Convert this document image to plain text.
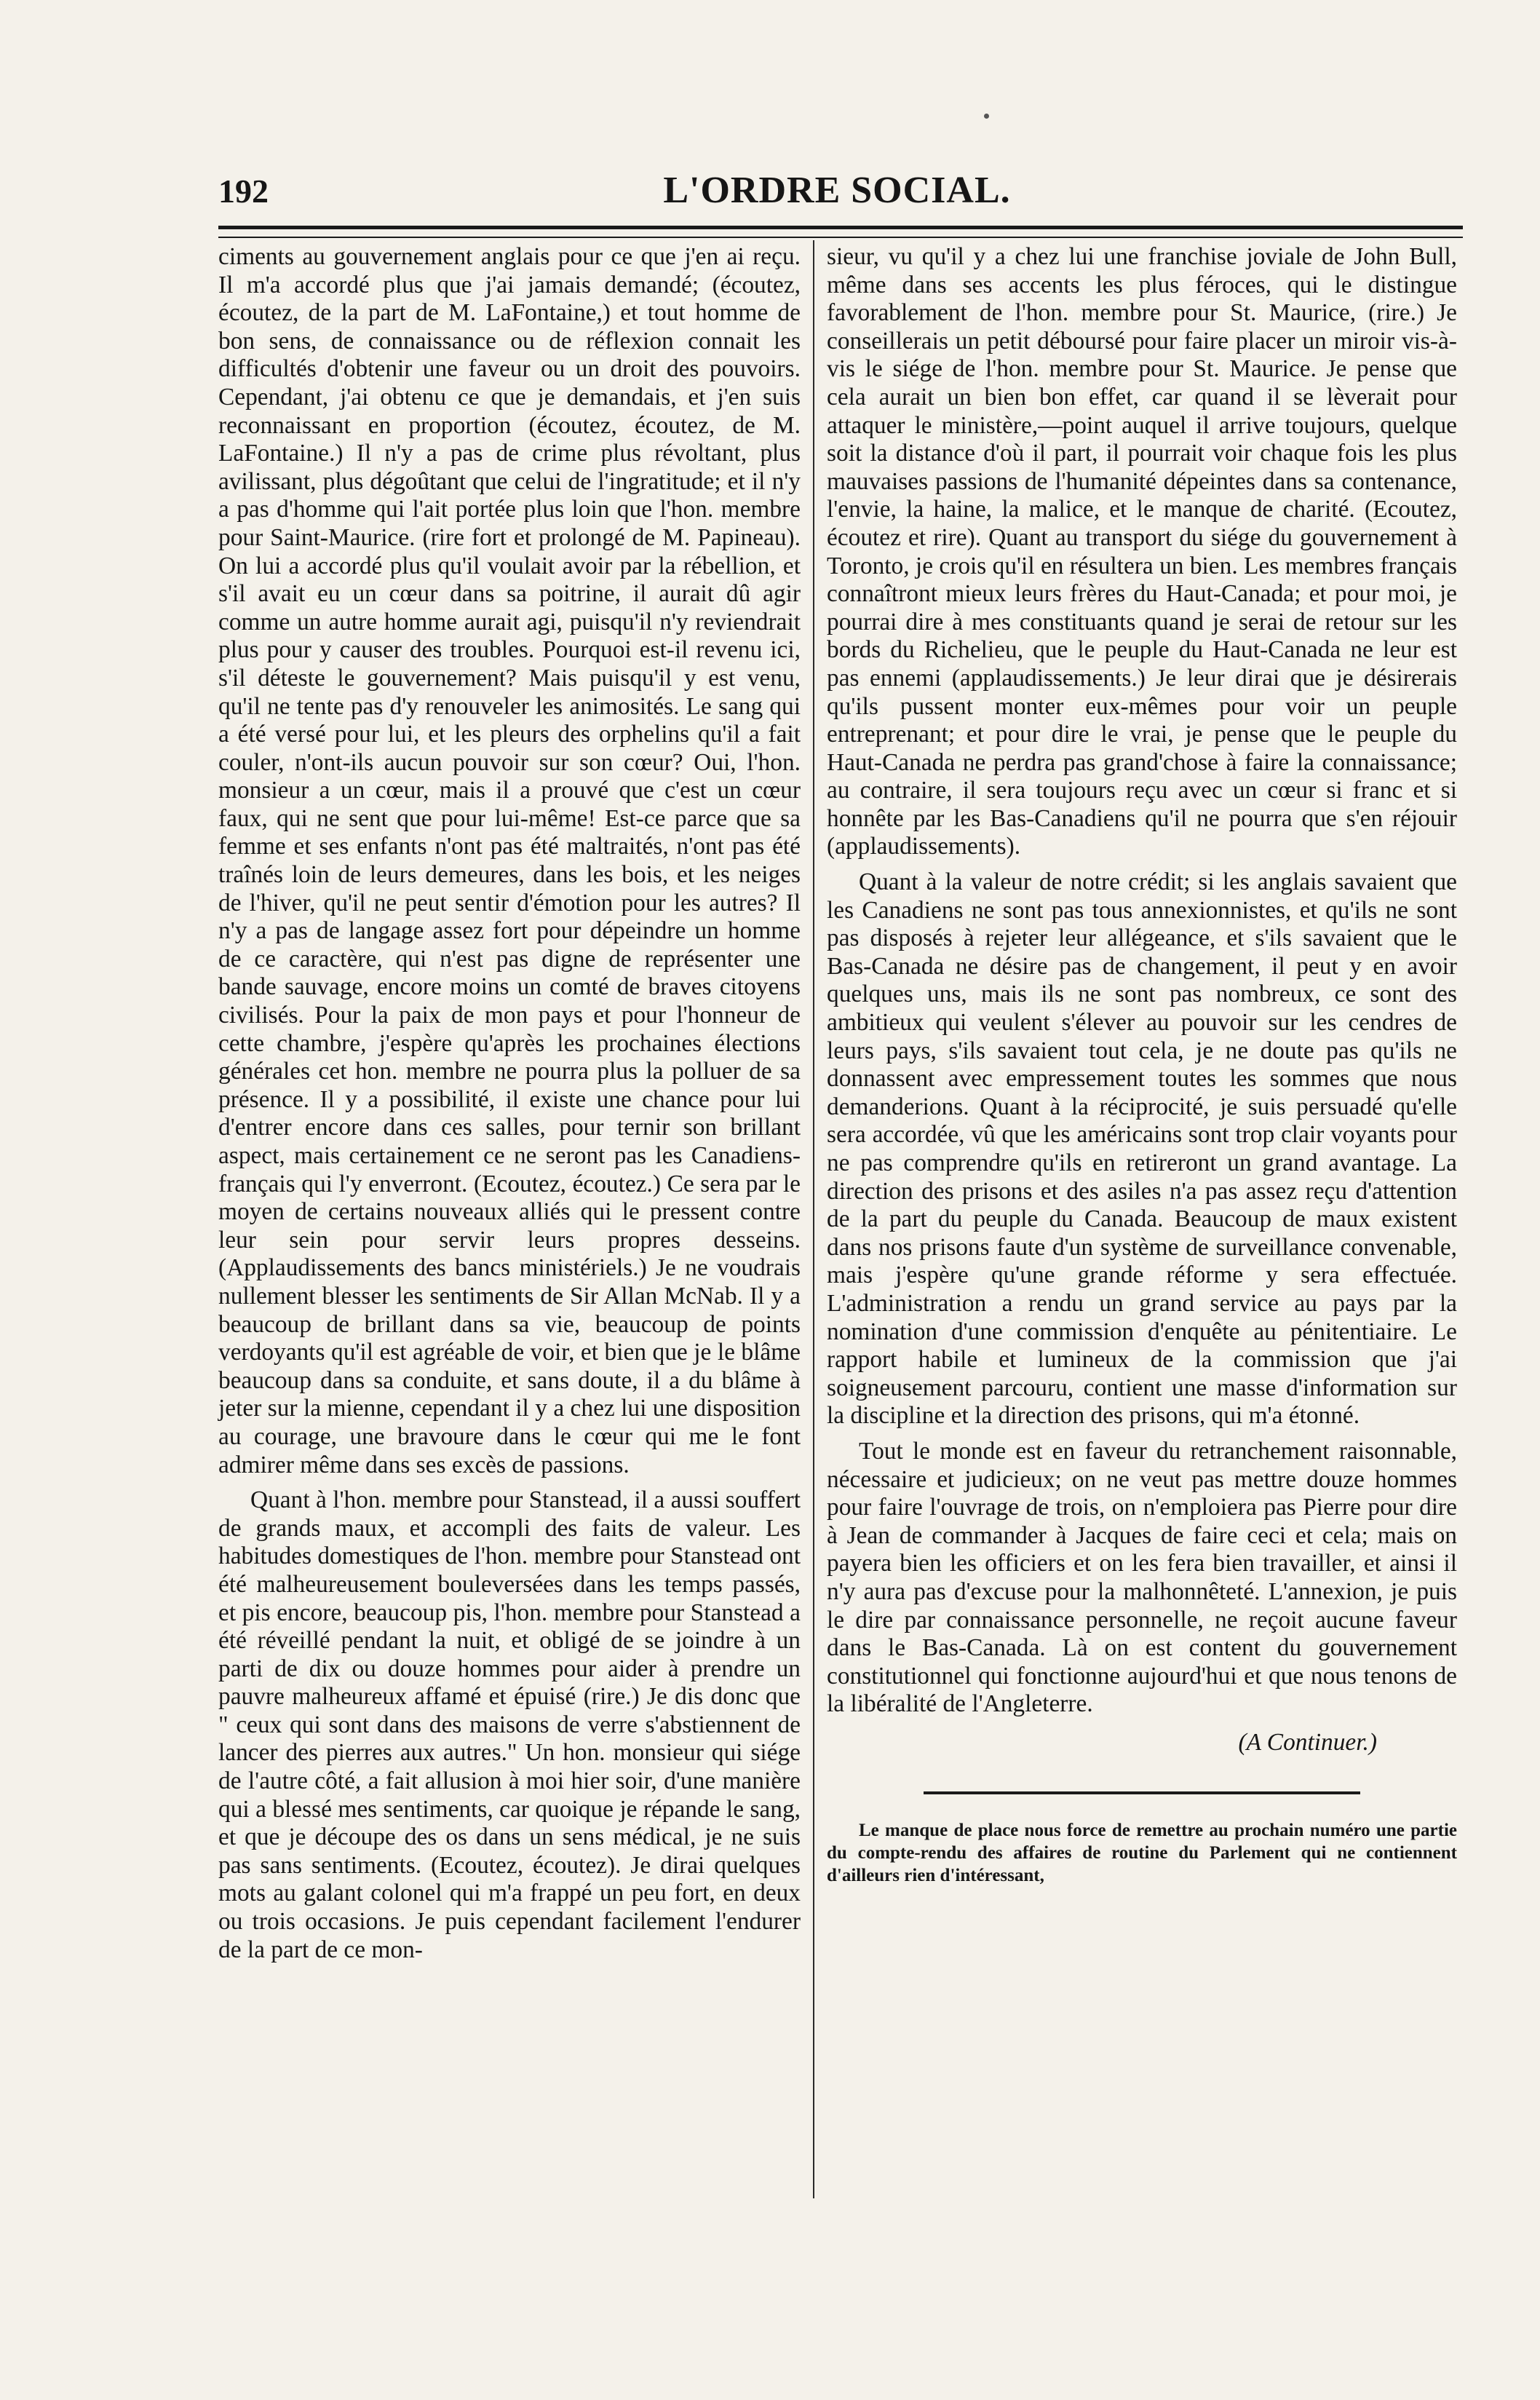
192	L'ORDRE SOCIAL.

ciments au gouvernement anglais pour ce que j'en ai reçu. Il m'a accordé plus que j'ai jamais demandé; (écoutez, écoutez, de la part de M. LaFontaine,) et tout homme de bon sens, de connaissance ou de réflexion connait les difficultés d'obtenir une faveur ou un droit des pouvoirs. Cependant, j'ai obtenu ce que je demandais, et j'en suis reconnaissant en proportion (écoutez, écoutez, de M. LaFontaine.) Il n'y a pas de crime plus révoltant, plus avilissant, plus dégoûtant que celui de l'ingratitude; et il n'y a pas d'homme qui l'ait portée plus loin que l'hon. membre pour Saint-Maurice. (rire fort et prolongé de M. Papineau). On lui a accordé plus qu'il voulait avoir par la rébellion, et s'il avait eu un cœur dans sa poitrine, il aurait dû agir comme un autre homme aurait agi, puisqu'il n'y reviendrait plus pour y causer des troubles. Pourquoi est-il revenu ici, s'il déteste le gouvernement? Mais puisqu'il y est venu, qu'il ne tente pas d'y renouveler les animosités. Le sang qui a été versé pour lui, et les pleurs des orphelins qu'il a fait couler, n'ont-ils aucun pouvoir sur son cœur? Oui, l'hon. monsieur a un cœur, mais il a prouvé que c'est un cœur faux, qui ne sent que pour lui-même! Est-ce parce que sa femme et ses enfants n'ont pas été maltraités, n'ont pas été traînés loin de leurs demeures, dans les bois, et les neiges de l'hiver, qu'il ne peut sentir d'émotion pour les autres? Il n'y a pas de langage assez fort pour dépeindre un homme de ce caractère, qui n'est pas digne de représenter une bande sauvage, encore moins un comté de braves citoyens civilisés. Pour la paix de mon pays et pour l'honneur de cette chambre, j'espère qu'après les prochaines élections générales cet hon. membre ne pourra plus la polluer de sa présence. Il y a possibilité, il existe une chance pour lui d'entrer encore dans ces salles, pour ternir son brillant aspect, mais certainement ce ne seront pas les Canadiens-français qui l'y enverront. (Ecoutez, écoutez.) Ce sera par le moyen de certains nouveaux alliés qui le pressent contre leur sein pour servir leurs propres desseins. (Applaudissements des bancs ministériels.) Je ne voudrais nullement blesser les sentiments de Sir Allan McNab. Il y a beaucoup de brillant dans sa vie, beaucoup de points verdoyants qu'il est agréable de voir, et bien que je le blâme beaucoup dans sa conduite, et sans doute, il a du blâme à jeter sur la mienne, cependant il y a chez lui une disposition au courage, une bravoure dans le cœur qui me le font admirer même dans ses excès de passions.

Quant à l'hon. membre pour Stanstead, il a aussi souffert de grands maux, et accompli des faits de valeur. Les habitudes domestiques de l'hon. membre pour Stanstead ont été malheureusement bouleversées dans les temps passés, et pis encore, beaucoup pis, l'hon. membre pour Stanstead a été réveillé pendant la nuit, et obligé de se joindre à un parti de dix ou douze hommes pour aider à prendre un pauvre malheureux affamé et épuisé (rire.) Je dis donc que " ceux qui sont dans des maisons de verre s'abstiennent de lancer des pierres aux autres." Un hon. monsieur qui siége de l'autre côté, a fait allusion à moi hier soir, d'une manière qui a blessé mes sentiments, car quoique je répande le sang, et que je découpe des os dans un sens médical, je ne suis pas sans sentiments. (Ecoutez, écoutez). Je dirai quelques mots au galant colonel qui m'a frappé un peu fort, en deux ou trois occasions. Je puis cependant facilement l'endurer de la part de ce mon-

sieur, vu qu'il y a chez lui une franchise joviale de John Bull, même dans ses accents les plus féroces, qui le distingue favorablement de l'hon. membre pour St. Maurice, (rire.) Je conseillerais un petit déboursé pour faire placer un miroir vis-à-vis le siége de l'hon. membre pour St. Maurice. Je pense que cela aurait un bien bon effet, car quand il se lèverait pour attaquer le ministère,—point auquel il arrive toujours, quelque soit la distance d'où il part, il pourrait voir chaque fois les plus mauvaises passions de l'humanité dépeintes dans sa contenance, l'envie, la haine, la malice, et le manque de charité. (Ecoutez, écoutez et rire). Quant au transport du siége du gouvernement à Toronto, je crois qu'il en résultera un bien. Les membres français connaîtront mieux leurs frères du Haut-Canada; et pour moi, je pourrai dire à mes constituants quand je serai de retour sur les bords du Richelieu, que le peuple du Haut-Canada ne leur est pas ennemi (applaudissements.) Je leur dirai que je désirerais qu'ils pussent monter eux-mêmes pour voir un peuple entreprenant; et pour dire le vrai, je pense que le peuple du Haut-Canada ne perdra pas grand'chose à faire la connaissance; au contraire, il sera toujours reçu avec un cœur si franc et si honnête par les Bas-Canadiens qu'il ne pourra que s'en réjouir (applaudissements).

Quant à la valeur de notre crédit; si les anglais savaient que les Canadiens ne sont pas tous annexionnistes, et qu'ils ne sont pas disposés à rejeter leur allégeance, et s'ils savaient que le Bas-Canada ne désire pas de changement, il peut y en avoir quelques uns, mais ils ne sont pas nombreux, ce sont des ambitieux qui veulent s'élever au pouvoir sur les cendres de leurs pays, s'ils savaient tout cela, je ne doute pas qu'ils ne donnassent avec empressement toutes les sommes que nous demanderions. Quant à la réciprocité, je suis persuadé qu'elle sera accordée, vû que les américains sont trop clair voyants pour ne pas comprendre qu'ils en retireront un grand avantage. La direction des prisons et des asiles n'a pas assez reçu d'attention de la part du peuple du Canada. Beaucoup de maux existent dans nos prisons faute d'un système de surveillance convenable, mais j'espère qu'une grande réforme y sera effectuée. L'administration a rendu un grand service au pays par la nomination d'une commission d'enquête au pénitentiaire. Le rapport habile et lumineux de la commission que j'ai soigneusement parcouru, contient une masse d'information sur la discipline et la direction des prisons, qui m'a étonné.

Tout le monde est en faveur du retranchement raisonnable, nécessaire et judicieux; on ne veut pas mettre douze hommes pour faire l'ouvrage de trois, on n'emploiera pas Pierre pour dire à Jean de commander à Jacques de faire ceci et cela; mais on payera bien les officiers et on les fera bien travailler, et ainsi il n'y aura pas d'excuse pour la malhonnêteté. L'annexion, je puis le dire par connaissance personnelle, ne reçoit aucune faveur dans le Bas-Canada. Là on est content du gouvernement constitutionnel qui fonctionne aujourd'hui et que nous tenons de la libéralité de l'Angleterre.

(A Continuer.)

Le manque de place nous force de remettre au prochain numéro une partie du compte-rendu des affaires de routine du Parlement qui ne contiennent d'ailleurs rien d'intéressant,
